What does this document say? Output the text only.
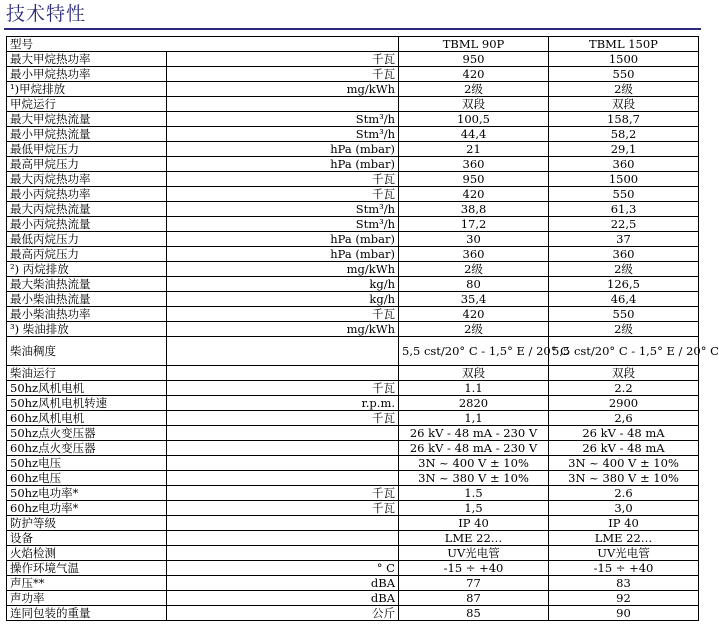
技术特性
型号		TBML 90P	TBML 150P
最大甲烷热功率	千瓦	950	1500
最小甲烷热功率	千瓦	420	550
¹)甲烷排放	mg/kWh	2级	2级
甲烷运行		双段	双段
最大甲烷热流量	Stm³/h	100,5	158,7
最小甲烷热流量	Stm³/h	44,4	58,2
最低甲烷压力	hPa (mbar)	21	29,1
最高甲烷压力	hPa (mbar)	360	360
最大丙烷热功率	千瓦	950	1500
最小丙烷热功率	千瓦	420	550
最大丙烷热流量	Stm³/h	38,8	61,3
最小丙烷热流量	Stm³/h	17,2	22,5
最低丙烷压力	hPa (mbar)	30	37
最高丙烷压力	hPa (mbar)	360	360
²) 丙烷排放	mg/kWh	2级	2级
最大柴油热流量	kg/h	80	126,5
最小柴油热流量	kg/h	35,4	46,4
最小柴油热功率	千瓦	420	550
³) 柴油排放	mg/kWh	2级	2级
柴油稠度		5,5 cst/20° C - 1,5° E / 20° C	5,5 cst/20° C - 1,5° E / 20° C
柴油运行		双段	双段
50hz风机电机	千瓦	1.1	2.2
50hz风机电机转速	r.p.m.	2820	2900
60hz风机电机	千瓦	1,1	2,6
50hz点火变压器		26 kV - 48 mA - 230 V	26 kV - 48 mA
60hz点火变压器		26 kV - 48 mA - 230 V	26 kV - 48 mA
50hz电压		3N ~ 400 V ± 10%	3N ~ 400 V ± 10%
60hz电压		3N ~ 380 V ± 10%	3N ~ 380 V ± 10%
50hz电功率*	千瓦	1.5	2.6
60hz电功率*	千瓦	1,5	3,0
防护等级		IP 40	IP 40
设备		LME 22…	LME 22…
火焰检测		UV光电管	UV光电管
操作环境气温	° C	-15 ÷ +40	-15 ÷ +40
声压**	dBA	77	83
声功率	dBA	87	92
连同包装的重量	公斤	85	90
